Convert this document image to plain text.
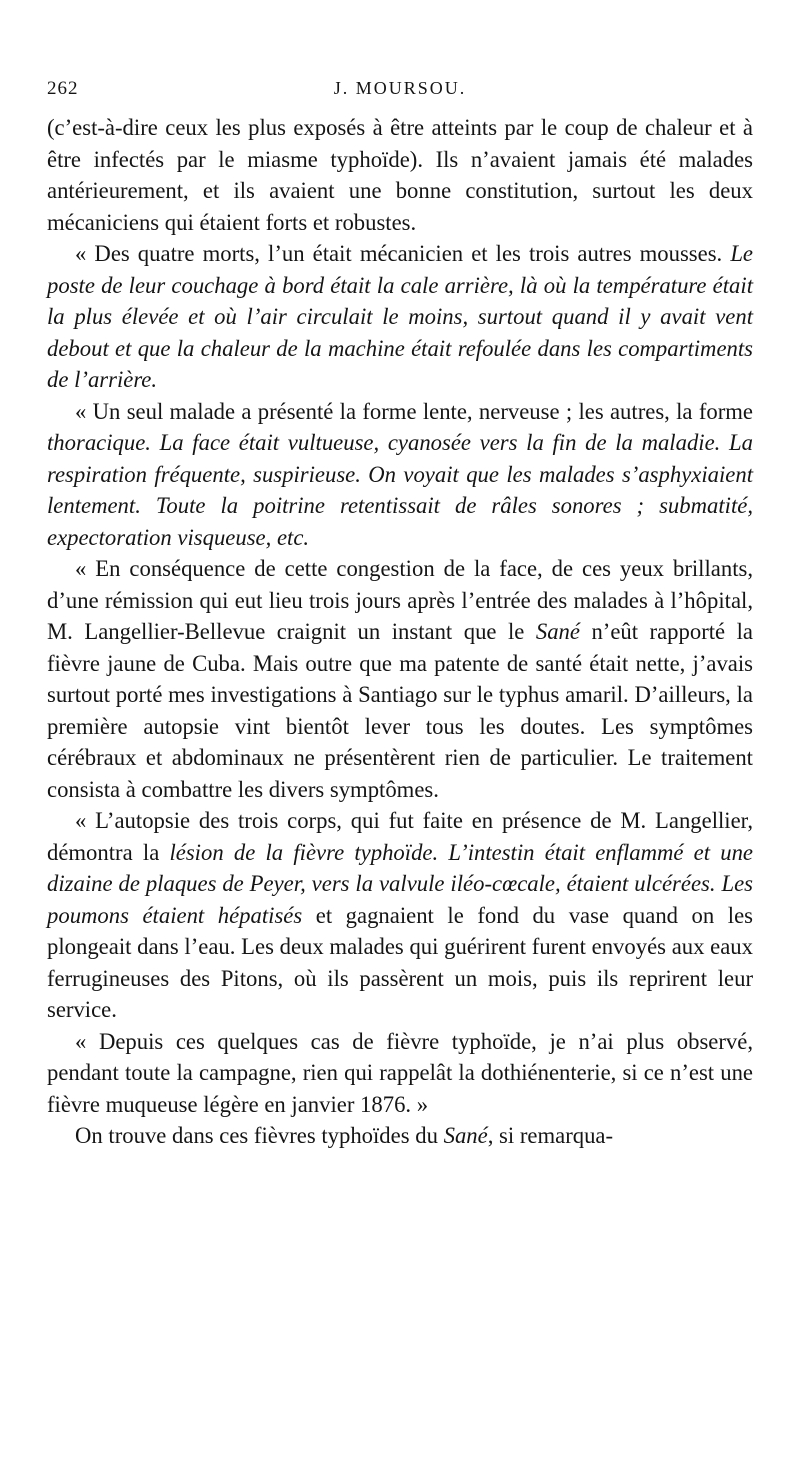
262	J. MOURSOU.

(c’est-à-dire ceux les plus exposés à être atteints par le coup de chaleur et à être infectés par le miasme typhoïde). Ils n’avaient jamais été malades antérieurement, et ils avaient une bonne constitution, surtout les deux mécaniciens qui étaient forts et robustes.

« Des quatre morts, l’un était mécanicien et les trois autres mousses. Le poste de leur couchage à bord était la cale arrière, là où la température était la plus élevée et où l’air circulait le moins, surtout quand il y avait vent debout et que la chaleur de la machine était refoulée dans les compartiments de l’arrière.

« Un seul malade a présenté la forme lente, nerveuse ; les autres, la forme thoracique. La face était vultueuse, cyanosée vers la fin de la maladie. La respiration fréquente, suspirieuse. On voyait que les malades s’asphyxiaient lentement. Toute la poitrine retentissait de râles sonores ; submatité, expectoration visqueuse, etc.

« En conséquence de cette congestion de la face, de ces yeux brillants, d’une rémission qui eut lieu trois jours après l’entrée des malades à l’hôpital, M. Langellier-Bellevue craignit un instant que le Sané n’eût rapporté la fièvre jaune de Cuba. Mais outre que ma patente de santé était nette, j’avais surtout porté mes investigations à Santiago sur le typhus amaril. D’ailleurs, la première autopsie vint bientôt lever tous les doutes. Les symptômes cérébraux et abdominaux ne présentèrent rien de particulier. Le traitement consista à combattre les divers symptômes.

« L’autopsie des trois corps, qui fut faite en présence de M. Langellier, démontra la lésion de la fièvre typhoïde. L’intestin était enflammé et une dizaine de plaques de Peyer, vers la valvule iléo-cœcale, étaient ulcérées. Les poumons étaient hépatisés et gagnaient le fond du vase quand on les plongeait dans l’eau. Les deux malades qui guérirent furent envoyés aux eaux ferrugineuses des Pitons, où ils passèrent un mois, puis ils reprirent leur service.

« Depuis ces quelques cas de fièvre typhoïde, je n’ai plus observé, pendant toute la campagne, rien qui rappelât la dothiénenterie, si ce n’est une fièvre muqueuse légère en janvier 1876. »

On trouve dans ces fièvres typhoïdes du Sané, si remarqua-
